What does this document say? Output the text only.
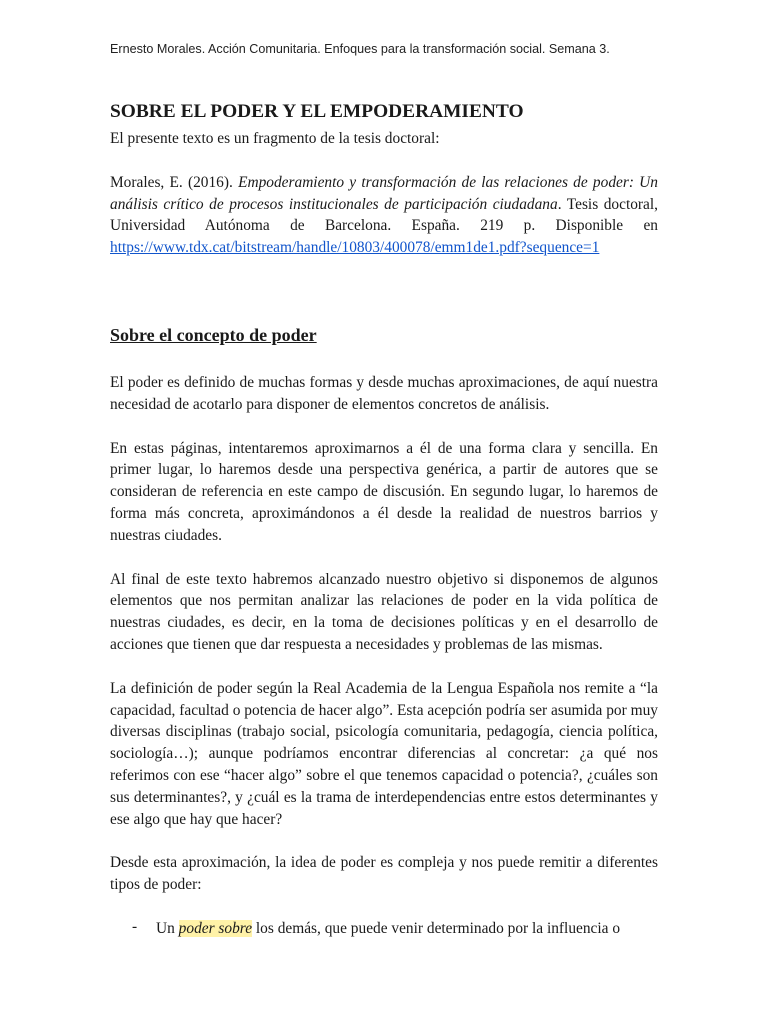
Ernesto Morales. Acción Comunitaria. Enfoques para la transformación social. Semana 3.
SOBRE EL PODER Y EL EMPODERAMIENTO

El presente texto es un fragmento de la tesis doctoral:

Morales, E. (2016). Empoderamiento y transformación de las relaciones de poder: Un análisis crítico de procesos institucionales de participación ciudadana. Tesis doctoral, Universidad Autónoma de Barcelona. España. 219 p. Disponible en https://www.tdx.cat/bitstream/handle/10803/400078/emm1de1.pdf?sequence=1

Sobre el concepto de poder

El poder es definido de muchas formas y desde muchas aproximaciones, de aquí nuestra necesidad de acotarlo para disponer de elementos concretos de análisis.

En estas páginas, intentaremos aproximarnos a él de una forma clara y sencilla. En primer lugar, lo haremos desde una perspectiva genérica, a partir de autores que se consideran de referencia en este campo de discusión. En segundo lugar, lo haremos de forma más concreta, aproximándonos a él desde la realidad de nuestros barrios y nuestras ciudades.

Al final de este texto habremos alcanzado nuestro objetivo si disponemos de algunos elementos que nos permitan analizar las relaciones de poder en la vida política de nuestras ciudades, es decir, en la toma de decisiones políticas y en el desarrollo de acciones que tienen que dar respuesta a necesidades y problemas de las mismas.

La definición de poder según la Real Academia de la Lengua Española nos remite a “la capacidad, facultad o potencia de hacer algo”. Esta acepción podría ser asumida por muy diversas disciplinas (trabajo social, psicología comunitaria, pedagogía, ciencia política, sociología…); aunque podríamos encontrar diferencias al concretar: ¿a qué nos referimos con ese “hacer algo” sobre el que tenemos capacidad o potencia?, ¿cuáles son sus determinantes?, y ¿cuál es la trama de interdependencias entre estos determinantes y ese algo que hay que hacer?

Desde esta aproximación, la idea de poder es compleja y nos puede remitir a diferentes tipos de poder:

- Un poder sobre los demás, que puede venir determinado por la influencia o
